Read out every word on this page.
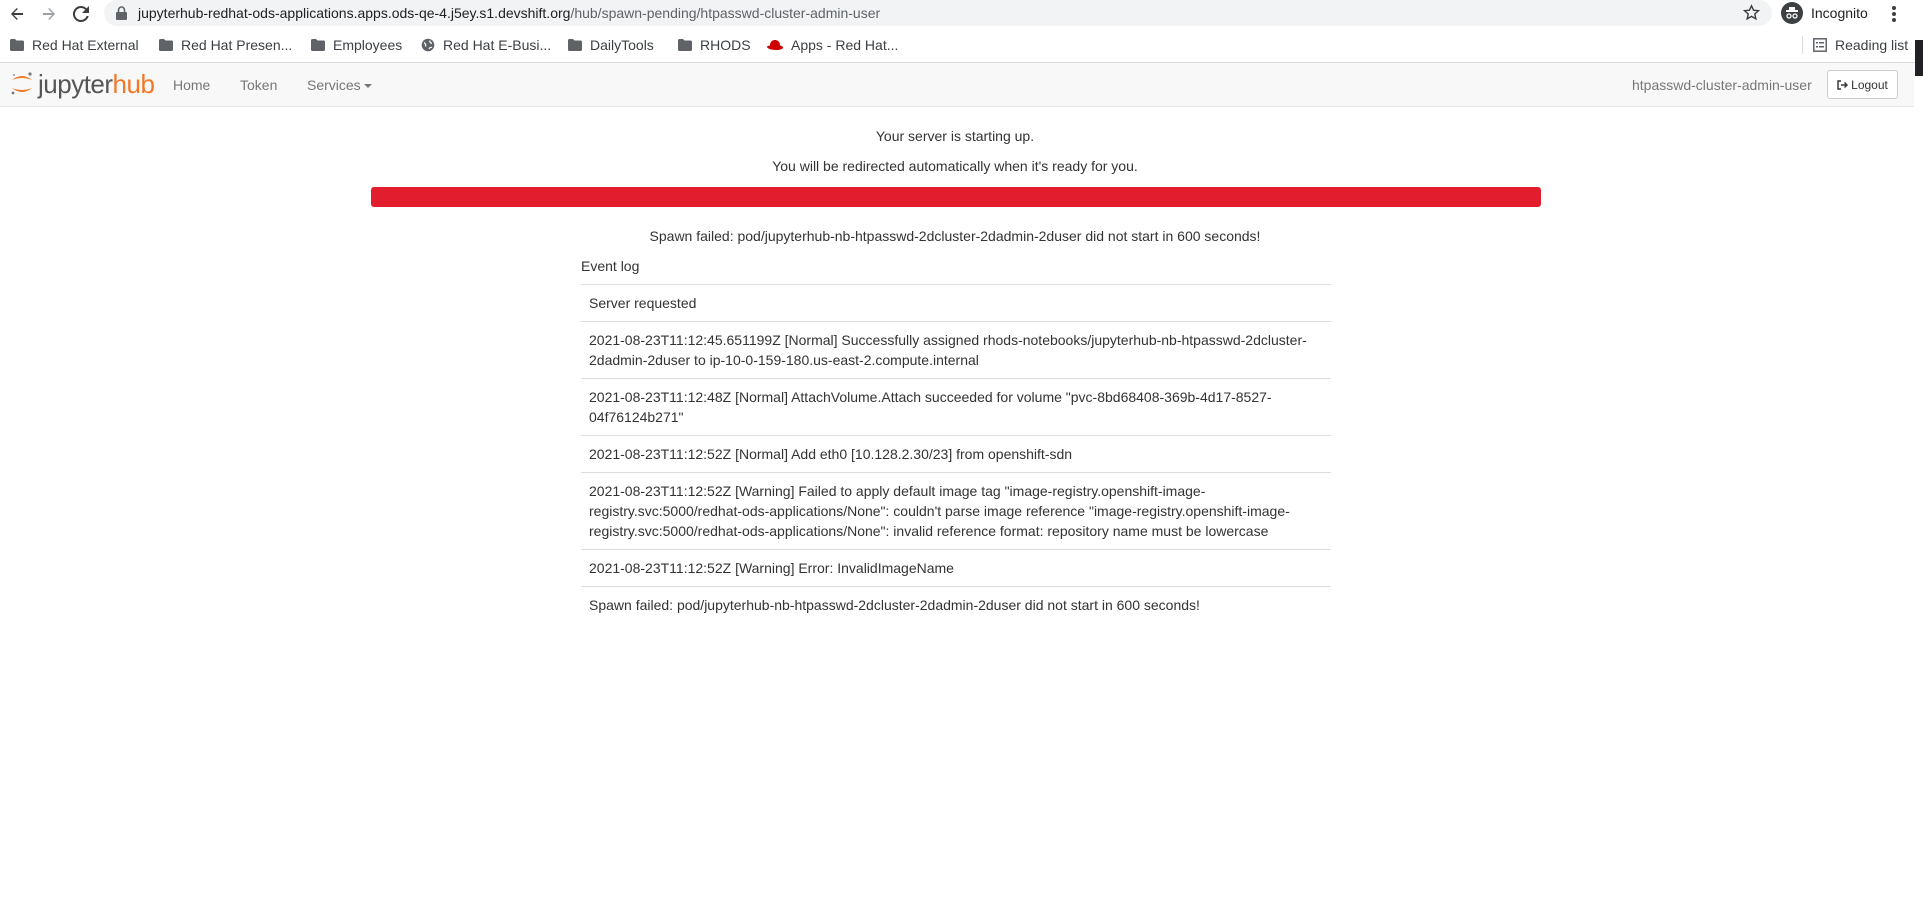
jupyterhub-redhat-ods-applications.apps.ods-qe-4.j5ey.s1.devshift.org/hub/spawn-pending/htpasswd-cluster-admin-user	Incognito
Red Hat External	Red Hat Presen...	Employees	Red Hat E-Busi...	DailyTools	RHODS	Apps - Red Hat...	Reading list
jupyter hub Home Token Services	htpasswd-cluster-admin-user	Logout
Your server is starting up.
You will be redirected automatically when it's ready for you.
Spawn failed: pod/jupyterhub-nb-htpasswd-2dcluster-2dadmin-2duser did not start in 600 seconds!
Event log
Server requested
2021-08-23T11:12:45.651199Z [Normal] Successfully assigned rhods-notebooks/jupyterhub-nb-htpasswd-2dcluster-2dadmin-2duser to ip-10-0-159-180.us-east-2.compute.internal
2021-08-23T11:12:48Z [Normal] AttachVolume.Attach succeeded for volume "pvc-8bd68408-369b-4d17-8527-04f76124b271"
2021-08-23T11:12:52Z [Normal] Add eth0 [10.128.2.30/23] from openshift-sdn
2021-08-23T11:12:52Z [Warning] Failed to apply default image tag "image-registry.openshift-image-registry.svc:5000/redhat-ods-applications/None": couldn't parse image reference "image-registry.openshift-image-registry.svc:5000/redhat-ods-applications/None": invalid reference format: repository name must be lowercase
2021-08-23T11:12:52Z [Warning] Error: InvalidImageName
Spawn failed: pod/jupyterhub-nb-htpasswd-2dcluster-2dadmin-2duser did not start in 600 seconds!
